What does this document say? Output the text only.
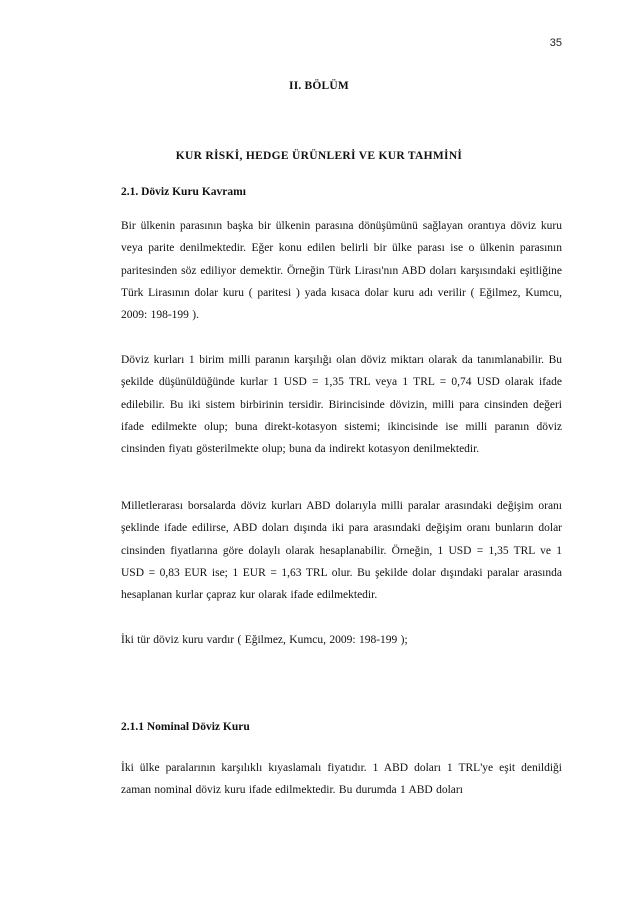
35
II. BÖLÜM
KUR RİSKİ, HEDGE ÜRÜNLERİ VE KUR TAHMİNİ
2.1. Döviz Kuru Kavramı

Bir ülkenin parasının başka bir ülkenin parasına dönüşümünü sağlayan orantıya döviz kuru veya parite denilmektedir. Eğer konu edilen belirli bir ülke parası ise o ülkenin parasının paritesinden söz ediliyor demektir. Örneğin Türk Lirası'nın ABD doları karşısındaki eşitliğine Türk Lirasının dolar kuru ( paritesi ) yada kısaca dolar kuru adı verilir ( Eğilmez, Kumcu, 2009: 198-199 ).

Döviz kurları 1 birim milli paranın karşılığı olan döviz miktarı olarak da tanımlanabilir. Bu şekilde düşünüldüğünde kurlar 1 USD = 1,35 TRL veya 1 TRL = 0,74 USD olarak ifade edilebilir. Bu iki sistem birbirinin tersidir. Birincisinde dövizin, milli para cinsinden değeri ifade edilmekte olup; buna direkt-kotasyon sistemi; ikincisinde ise milli paranın döviz cinsinden fiyatı gösterilmekte olup; buna da indirekt kotasyon denilmektedir.

Milletlerarası borsalarda döviz kurları ABD dolarıyla milli paralar arasındaki değişim oranı şeklinde ifade edilirse, ABD doları dışında iki para arasındaki değişim oranı bunların dolar cinsinden fiyatlarına göre dolaylı olarak hesaplanabilir. Örneğin, 1 USD = 1,35 TRL ve 1 USD = 0,83 EUR ise; 1 EUR = 1,63 TRL olur. Bu şekilde dolar dışındaki paralar arasında hesaplanan kurlar çapraz kur olarak ifade edilmektedir.

İki tür döviz kuru vardır ( Eğilmez, Kumcu, 2009: 198-199 );

2.1.1 Nominal Döviz Kuru

İki ülke paralarının karşılıklı kıyaslamalı fiyatıdır. 1 ABD doları 1 TRL'ye eşit denildiği zaman nominal döviz kuru ifade edilmektedir. Bu durumda 1 ABD doları
